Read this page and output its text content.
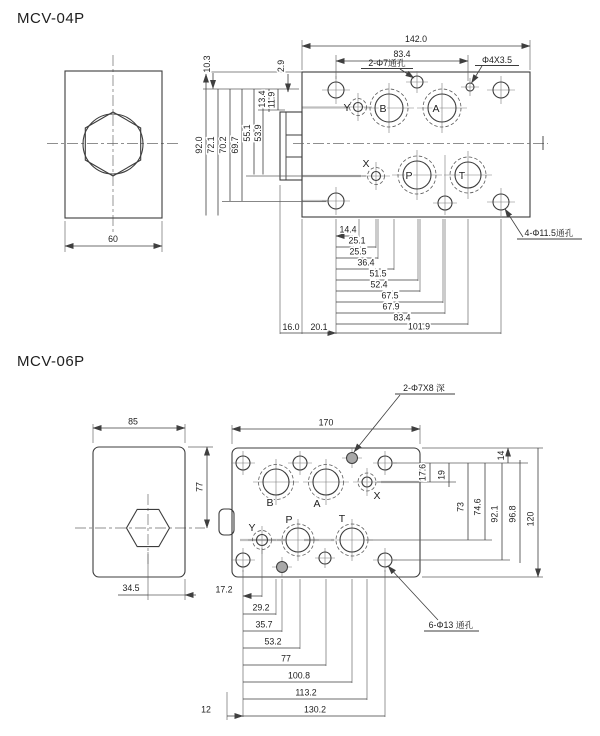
MCV-04P
60
Y	B	A
X
P	T
142.0
83.4
2-Φ7通孔	Φ4X3.5
92.0 72.1 70.2 69.7
55.1 53.9
13.4 11.9
10.3	2.9
14.4
25.1
25.5
36.4
51.5
52.4
67.5
67.9
83.4
101.9
16.0 20.1
4-Φ11.5通孔
MCV-06P
85
77
34.5
B	A
X
Y
P	T
170
2-Φ7X8 深
14
17.6 19
73 74.6 92.1 96.8 120
17.2
29.2
35.7
53.2
77
100.8
113.2
130.2
12
6-Φ13 通孔
